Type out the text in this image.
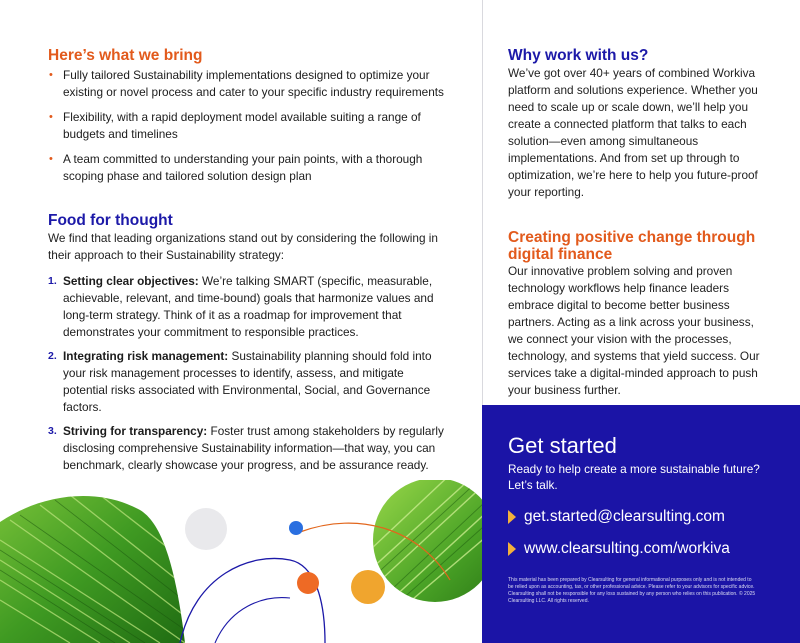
Here’s what we bring
• Fully tailored Sustainability implementations designed to optimize your existing or novel process and cater to your specific industry requirements
• Flexibility, with a rapid deployment model available suiting a range of budgets and timelines
• A team committed to understanding your pain points, with a thorough scoping phase and tailored solution design plan
Food for thought

We find that leading organizations stand out by considering the following in their approach to their Sustainability strategy:

1. Setting clear objectives: We’re talking SMART (specific, measurable, achievable, relevant, and time-bound) goals that harmonize values and long-term strategy. Think of it as a roadmap for improvement that demonstrates your commitment to responsible practices.
2. Integrating risk management: Sustainability planning should fold into your risk management processes to identify, assess, and mitigate potential risks associated with Environmental, Social, and Governance factors.
3. Striving for transparency: Foster trust among stakeholders by regularly disclosing comprehensive Sustainability information—that way, you can benchmark, clearly showcase your progress, and be assurance ready.
Why work with us?

We’ve got over 40+ years of combined Workiva platform and solutions experience. Whether you need to scale up or scale down, we’ll help you create a connected platform that talks to each solution—even among simultaneous implementations. And from set up through to optimization, we’re here to help you future-proof your reporting.

Creating positive change through digital finance

Our innovative problem solving and proven technology workflows help finance leaders embrace digital to become better business partners. Acting as a link across your business, we connect your vision with the processes, technology, and systems that yield success. Our services take a digital-minded approach to push your business further.

Get started

Ready to help create a more sustainable future? Let’s talk.

get.started@clearsulting.com
www.clearsulting.com/workiva

This material has been prepared by Clearsulting for general informational purposes only and is not intended to be relied upon as accounting, tax, or other professional advice. Please refer to your advisors for specific advice. Clearsulting shall not be responsible for any loss sustained by any person who relies on this publication. © 2025 Clearsulting LLC. All rights reserved.
